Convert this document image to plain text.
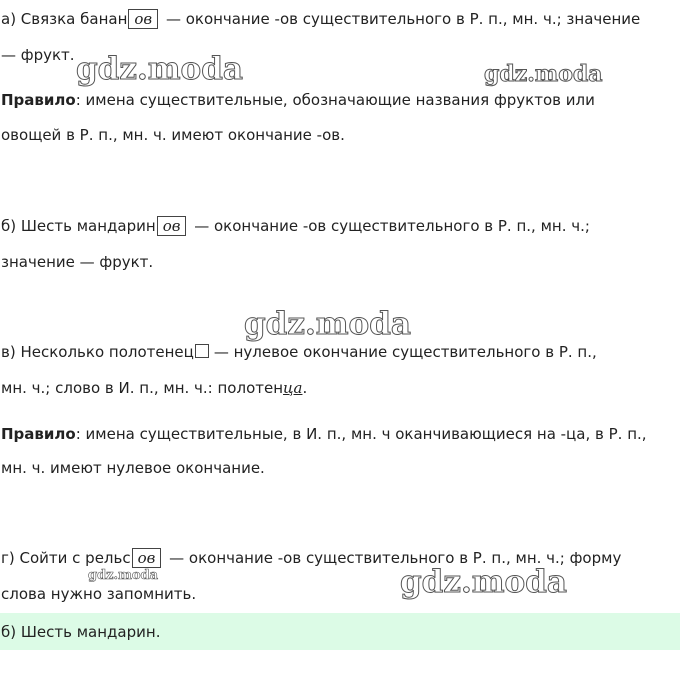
а) Связка банан ов — окончание -ов существительного в Р. п., мн. ч.; значение
— фрукт.
Правило: имена существительные, обозначающие названия фруктов или
овощей в Р. п., мн. ч. имеют окончание -ов.
б) Шесть мандарин ов — окончание -ов существительного в Р. п., мн. ч.;
значение — фрукт.
в) Несколько полотенец — нулевое окончание существительного в Р. п.,
мн. ч.; слово в И. п., мн. ч.: полотенца.
Правило: имена существительные, в И. п., мн. ч оканчивающиеся на -ца, в Р. п.,
мн. ч. имеют нулевое окончание.
г) Сойти с рельс ов — окончание -ов существительного в Р. п., мн. ч.; форму
слова нужно запомнить.
б) Шесть мандарин.
gdz.moda	gdz.moda
gdz.moda
gdz.moda	gdz.moda
